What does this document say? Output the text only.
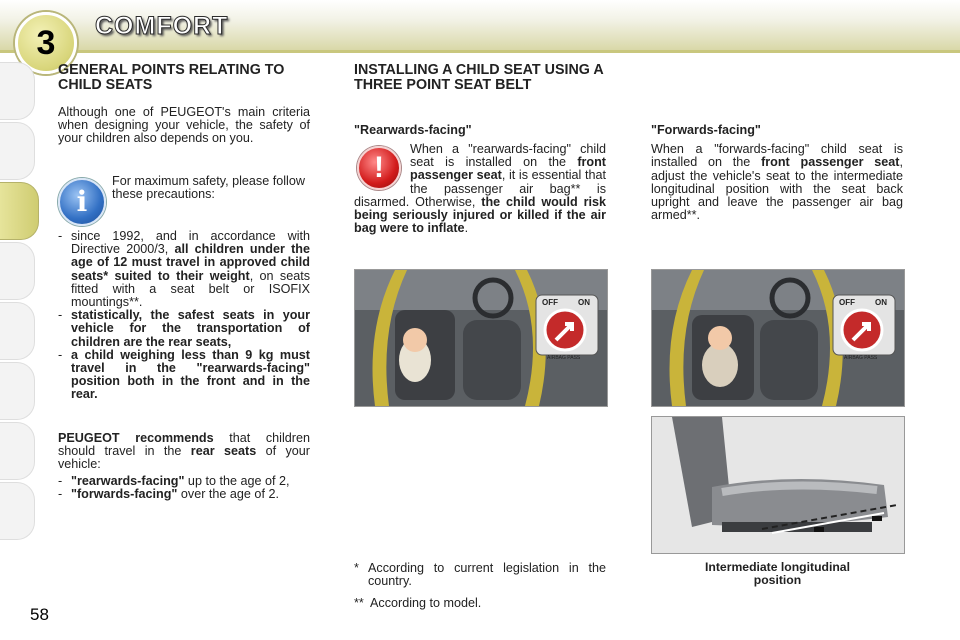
3	COMFORT
GENERAL POINTS RELATING TO CHILD SEATS

Although one of PEUGEOT's main criteria when designing your vehicle, the safety of your children also depends on you.

i

For maximum safety, please follow these precautions:

- since 1992, and in accordance with Directive 2000/3, all children under the age of 12 must travel in approved child seats* suited to their weight, on seats fitted with a seat belt or ISOFIX mountings**.
- statistically, the safest seats in your vehicle for the transportation of children are the rear seats,
- a child weighing less than 9 kg must travel in the "rearwards-facing" position both in the front and in the rear.

PEUGEOT recommends that children should travel in the rear seats of your vehicle:

- "rearwards-facing" up to the age of 2,
- "forwards-facing" over the age of 2.
INSTALLING A CHILD SEAT USING A THREE POINT SEAT BELT

"Rearwards-facing"

!

When a "rearwards-facing" child seat is installed on the front passenger seat, it is essential that the passenger air bag** is disarmed. Otherwise, the child would risk being seriously injured or killed if the air bag were to inflate.

"Forwards-facing"

When a "forwards-facing" child seat is installed on the front passenger seat, adjust the vehicle's seat to the intermediate longitudinal position with the seat back upright and leave the passenger air bag armed**.

OFF	ON
AIRBAG PASS
OFF	ON
AIRBAG PASS
* According to current legislation in the country.
** According to model.
Intermediate longitudinal position
58
